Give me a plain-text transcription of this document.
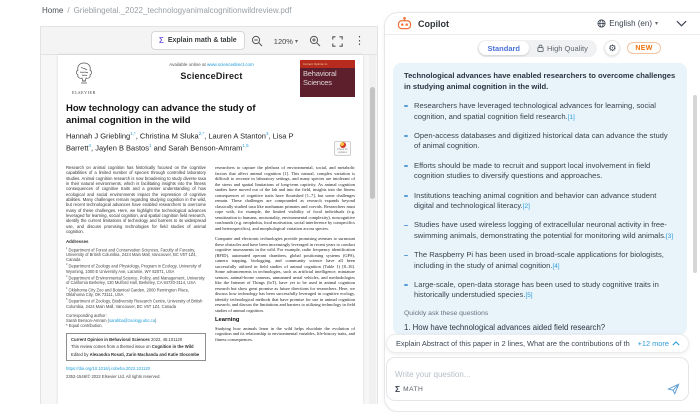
Home / Grieblingetal._2022_technologyanimalcognitionwildreview.pdf
Σ Explain math & table	120% ▾	⋮
ELSEVIER
Available online at www.sciencedirect.com
ScienceDirect
Current Opinion in
Behavioral
Sciences
How technology can advance the study of animal cognition in the wild
Hannah J Griebling$^{1,*}$, Christina M Sluka$^{2,*}$, Lauren A Stanton$^3$, Lisa P Barrett$^4$, Jaylen B Bastos$^1$ and Sarah Benson-Amram$^{1,5}$
Check for updates

Research on animal cognition has historically focused on the cognitive capabilities of a limited number of species through controlled laboratory studies. Animal cognition research is now broadening to study diverse taxa in their natural environments, which is facilitating insights into the fitness consequences of cognitive traits and a greater understanding of how ecological and social environments impact the expression of cognitive abilities. Many challenges remain regarding studying cognition in the wild, but recent technological advances have enabled researchers to overcome many of these challenges. Here, we highlight the technological advances leveraged for learning, social cognition, and spatial cognition field research, identify the current limitations of technology and barriers to its widespread use, and discuss promising technologies for field studies of animal cognition.

Addresses
$^1$ Department of Forest and Conservation Sciences, Faculty of Forestry, University of British Columbia, 2424 Main Mall, Vancouver, BC V6T 1Z4, Canada
$^2$ Department of Zoology and Physiology, Program in Ecology, University of Wyoming, 1000 E University Ave, Laramie, WY 82071, USA
$^3$ Department of Environmental Science, Policy, and Management, University of California Berkeley, 130 Mulford Hall, Berkeley, CA 94720-3114, USA
$^4$ Oklahoma City Zoo and Botanical Garden, 2000 Remington Place, Oklahoma City, OK 73111, USA
$^5$ Department of Zoology, Biodiversity Research Centre, University of British Columbia, 2424 Main Mall, Vancouver, BC V6T 1Z4, Canada
Corresponding author:
Sarah Benson-Amram (sarahba@zoology.ubc.ca)
* Equal contribution.
Current Opinion in Behavioral Sciences 2022, 45:101120
This review comes from a themed issue on Cognition in the Wild
Edited by Alexandra Rosati, Zarin Machanda and Katie Slocombe
https://doi.org/10.1016/j.cobeha.2022.101120
2352-1546/© 2022 Elsevier Ltd. All rights reserved.

researchers to capture the plethora of environmental, social, and metabolic factors that affect animal cognition [1]. This natural, complex variation is difficult to recreate in laboratory settings, and many species are intolerant of the stress and spatial limitations of long-term captivity. As animal cognition studies have moved out of the lab and into the field, insights into the fitness consequences of cognitive traits have flourished [1–7], but some challenges remain. These challenges are compounded as research expands beyond classically studied taxa like nonhuman primates and corvids. Researchers must cope with, for example, the limited visibility of focal individuals (e.g. sensitization to humans, nocturnality, environmental complexity), noncognitive confounds (e.g. neophobia, food motivation, social interference by conspecifics and heterospecifics), and morphological variation across species.

Computer and electronic technologies provide promising avenues to surmount these obstacles and have been increasingly leveraged in recent years to conduct cognitive assessments in the wild. For example, radio frequency identification (RFID), automated operant chambers, global positioning systems (GPS), camera trapping, biologging, and community science have all been successfully utilized in field studies of animal cognition (Table 1) [8–16]. Some advancements in technologies, such as artificial intelligence, miniature sensors, animal-borne cameras, unmanned aerial vehicles, and methodologies like the Internet of Things (IoT), have yet to be used in animal cognition research but show great promise as future directions for researchers. Here, we discuss how technology has been successfully leveraged in cognitive ecology, identify technological methods that have promise for use in animal cognition research, and discuss the limitations and barriers to utilizing technology in field studies of animal cognition.

Learning

Studying how animals learn in the wild helps elucidate the evolution of cognition and its relationship to environmental variables, life-history traits, and fitness consequences.

Copilot	English (en) ▾
Standard	High Quality ⚙	NEW
Technological advances have enabled researchers to overcome challenges in studying animal cognition in the wild.

Researchers have leveraged technological advances for learning, social cognition, and spatial cognition field research.[1]

Open-access databases and digitized historical data can advance the study of animal cognition.

Efforts should be made to recruit and support local involvement in field cognition studies to diversify questions and approaches.

Institutions teaching animal cognition and behavior can advance student digital and technological literacy.[2]

Studies have used wireless logging of extracellular neuronal activity in free-swimming animals, demonstrating the potential for monitoring wild animals.[3]

The Raspberry Pi has been used in broad-scale applications for biologists, including in the study of animal cognition.[4]

Large-scale, open-data storage has been used to study cognitive traits in historically understudied species.[5]

Quickly ask these questions
1. How have technological advances aided field research?
Explain Abstract of this paper in 2 lines, What are the contributions of th +12 more
Write your question...
Σ MATH
